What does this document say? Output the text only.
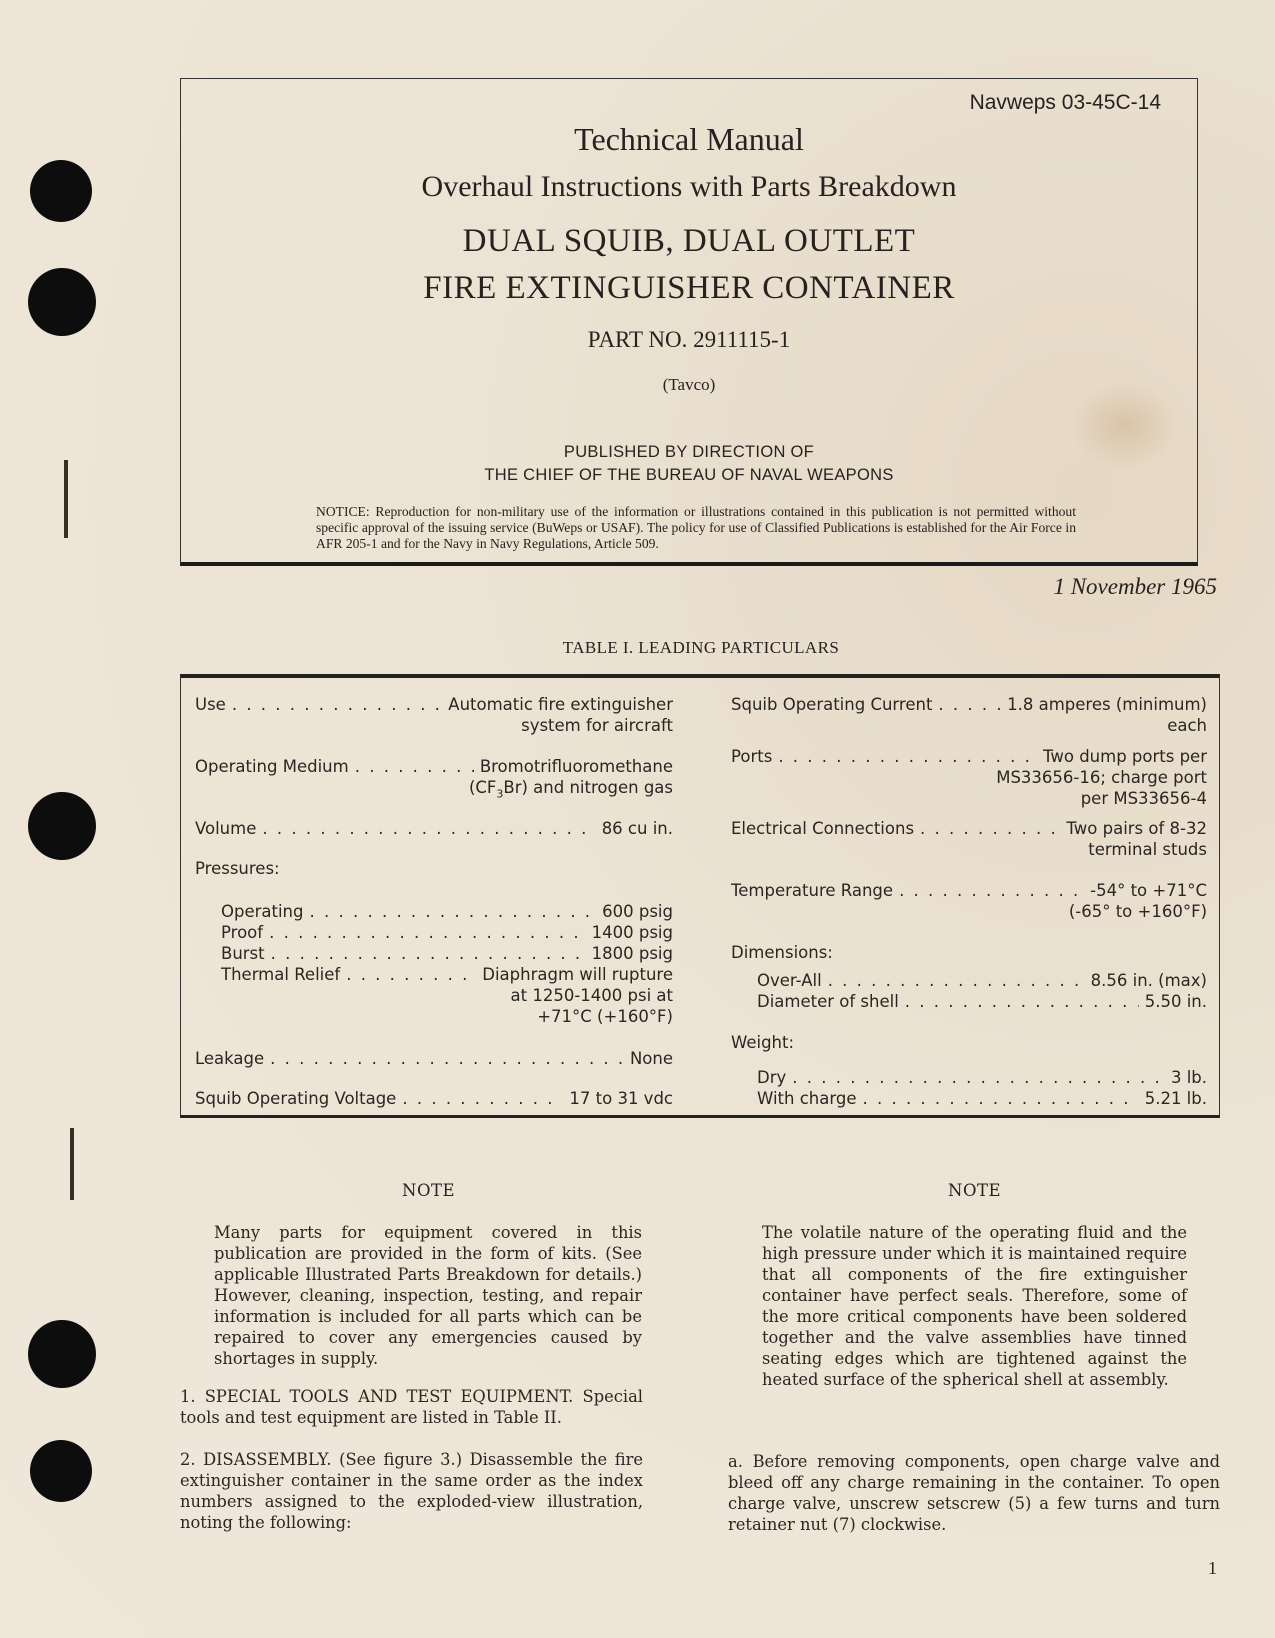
Navweps 03-45C-14
Technical Manual
Overhaul Instructions with Parts Breakdown
DUAL SQUIB, DUAL OUTLET
FIRE EXTINGUISHER CONTAINER
PART NO. 2911115-1
(Tavco)
PUBLISHED BY DIRECTION OF
THE CHIEF OF THE BUREAU OF NAVAL WEAPONS
NOTICE: Reproduction for non-military use of the information or illustrations contained in this publication is not permitted without specific approval of the issuing service (BuWeps or USAF). The policy for use of Classified Publications is established for the Air Force in AFR 205-1 and for the Navy in Navy Regulations, Article 509.
1 November 1965
TABLE I. LEADING PARTICULARS
Use . . .	Automatic fire extinguisher
system for aircraft
Operating Medium . . .	Bromotrifluoromethane
$(CF_3Br)$ and nitrogen gas
Volume . . .	86 cu in.
Pressures:
Operating . . .	600 psig
Proof . . .	1400 psig
Burst . . .	1800 psig
Thermal Relief . . .	Diaphragm will rupture
at 1250-1400 psi at
+71°C (+160°F)
Leakage . . .	None
Squib Operating Voltage . . .	17 to 31 vdc
Squib Operating Current . . .	1.8 amperes (minimum)
each
Ports . . .	Two dump ports per
MS33656-16; charge port
per MS33656-4
Electrical Connections . . .	Two pairs of 8-32
terminal studs
Temperature Range . . .	-54° to +71°C
(-65° to +160°F)
Dimensions:
Over-All . . .	8.56 in. (max)
Diameter of shell . . .	5.50 in.
Weight:
Dry . . .	3 lb.
With charge . . .	5.21 lb.
NOTE
Many parts for equipment covered in this publication are provided in the form of kits. (See applicable Illustrated Parts Breakdown for details.) However, cleaning, inspection, testing, and repair information is included for all parts which can be repaired to cover any emergencies caused by shortages in supply.
1. SPECIAL TOOLS AND TEST EQUIPMENT. Special tools and test equipment are listed in Table II.
2. DISASSEMBLY. (See figure 3.) Disassemble the fire extinguisher container in the same order as the index numbers assigned to the exploded-view illustration, noting the following:
NOTE
The volatile nature of the operating fluid and the high pressure under which it is maintained require that all components of the fire extinguisher container have perfect seals. Therefore, some of the more critical components have been soldered together and the valve assemblies have tinned seating edges which are tightened against the heated surface of the spherical shell at assembly.
a. Before removing components, open charge valve and bleed off any charge remaining in the container. To open charge valve, unscrew setscrew (5) a few turns and turn retainer nut (7) clockwise.
1
